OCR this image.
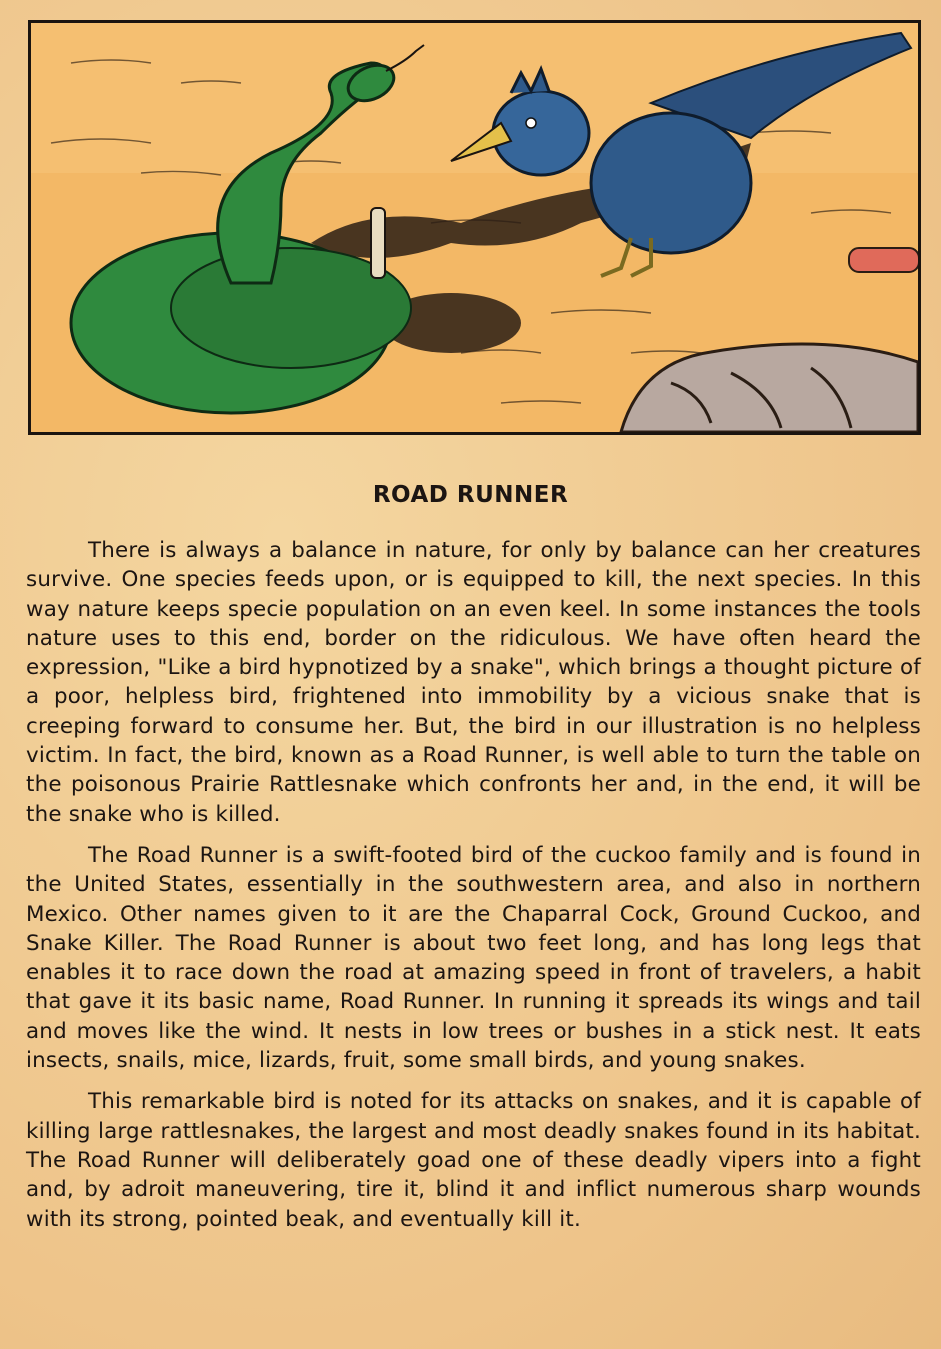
ROAD RUNNER

There is always a balance in nature, for only by balance can her creatures survive. One species feeds upon, or is equipped to kill, the next species. In this way nature keeps specie population on an even keel. In some instances the tools nature uses to this end, border on the ridiculous. We have often heard the expression, "Like a bird hypnotized by a snake", which brings a thought picture of a poor, helpless bird, frightened into immobility by a vicious snake that is creeping forward to consume her. But, the bird in our illustration is no helpless victim. In fact, the bird, known as a Road Runner, is well able to turn the table on the poisonous Prairie Rattlesnake which confronts her and, in the end, it will be the snake who is killed.

The Road Runner is a swift-footed bird of the cuckoo family and is found in the United States, essentially in the southwestern area, and also in northern Mexico. Other names given to it are the Chaparral Cock, Ground Cuckoo, and Snake Killer. The Road Runner is about two feet long, and has long legs that enables it to race down the road at amazing speed in front of travelers, a habit that gave it its basic name, Road Runner. In running it spreads its wings and tail and moves like the wind. It nests in low trees or bushes in a stick nest. It eats insects, snails, mice, lizards, fruit, some small birds, and young snakes.

This remarkable bird is noted for its attacks on snakes, and it is capable of killing large rattlesnakes, the largest and most deadly snakes found in its habitat. The Road Runner will deliberately goad one of these deadly vipers into a fight and, by adroit maneuvering, tire it, blind it and inflict numerous sharp wounds with its strong, pointed beak, and eventually kill it.
